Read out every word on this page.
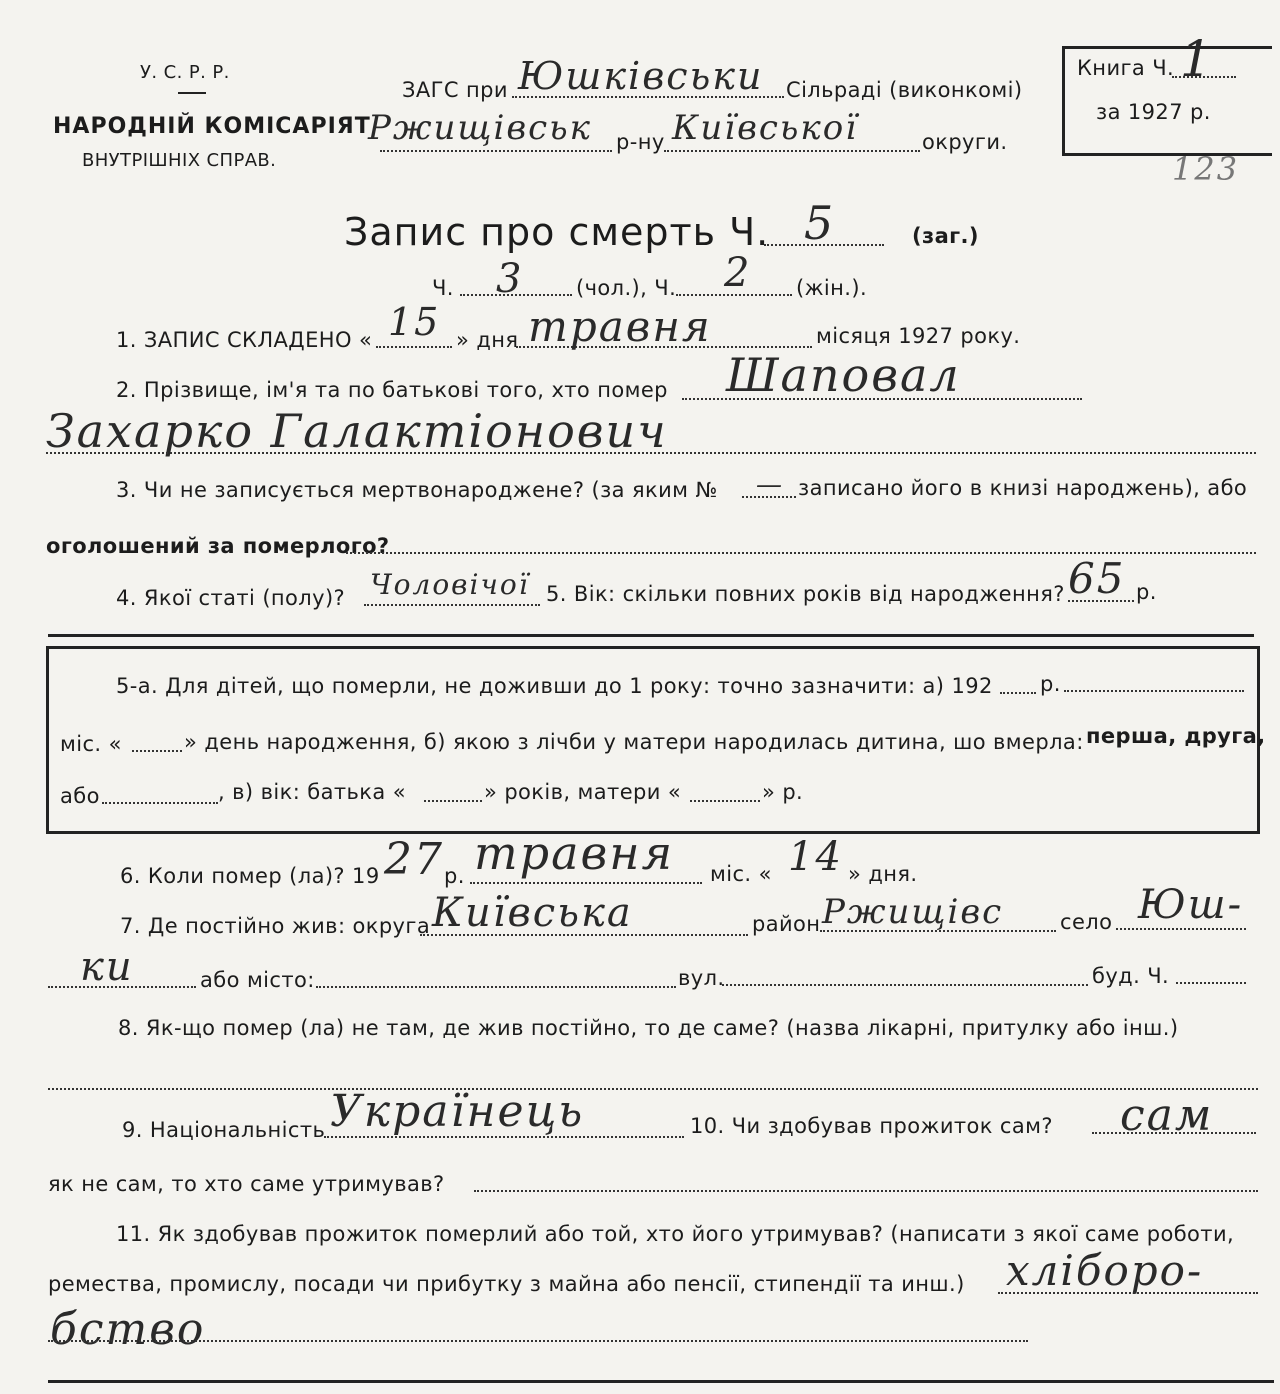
У. С. Р. Р.
НАРОДНІЙ КОМІСАРІЯТ
ВНУТРІШНІХ СПРАВ.
ЗАГС при Юшківськи Сільраді (виконкомі)
Ржищівськ р-ну Київської	округи.
Книга Ч. 1
за 1927 р.
123
Запис про смерть Ч. 5	(заг.)
Ч. 3	(чол.), Ч. 2 (жін.).
1. ЗАПИС СКЛАДЕНО « 15 » дня травня	місяця 1927 року.
2. Прізвище, ім'я та по батькові того, хто помер Шаповал
Захарко Галактіонович
3. Чи не записується мертвонароджене? (за яким № — записано його в книзі народжень), або
оголошений за померлого?
4. Якої статі (полу)? Чоловічої 5. Вік: скільки повних років від народження? 65 р.
5-а. Для дітей, що померли, не доживши до 1 року: точно зазначити: а) 192 р.
міс. «	» день народження, б) якою з лічби у матери народилась дитина, шо вмерла: перша, друга,
або	, в) вік: батька «	» років, матери «	» р.
6. Коли помер (ла)? 19 27 р. травня міс. « 14 » дня.
7. Де постійно жив: округа Київська	район Ржищівс	село Юш-
ки	або місто:	вул.	буд. Ч.
8. Як-що помер (ла) не там, де жив постійно, то де саме? (назва лікарні, притулку або інш.)
9. Національність Українець	10. Чи здобував прожиток сам? сам
як не сам, то хто саме утримував?
11. Як здобував прожиток померлий або той, хто його утримував? (написати з якої саме роботи,
ремества, промислу, посади чи прибутку з майна або пенсії, стипендії та инш.) хлібoро-
бство
